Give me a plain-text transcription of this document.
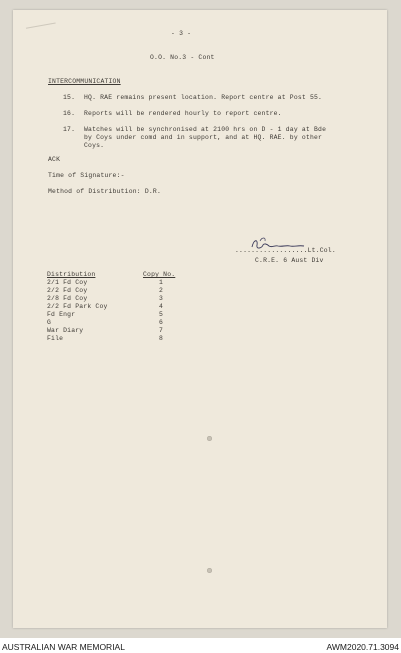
- 3 -

O.O. No.3 - Cont

INTERCOMMUNICATION

15. HQ. RAE remains present location. Report centre at Post 55.

16. Reports will be rendered hourly to report centre.

17. Watches will be synchronised at 2100 hrs on D - 1 day at Bde

by Coys under comd and in support, and at HQ. RAE. by other

Coys.

ACK

Time of Signature:-

Method of Distribution: D.R.

..................Lt.Col.

C.R.E. 6 Aust Div

Distribution	Copy No.

2/1 Fd Coy	1

2/2 Fd Coy	2

2/8 Fd Coy	3

2/2 Fd Park Coy	4

Fd Engr	5

G	6

War Diary	7

File	8

AUSTRALIAN WAR MEMORIAL	AWM2020.71.3094
